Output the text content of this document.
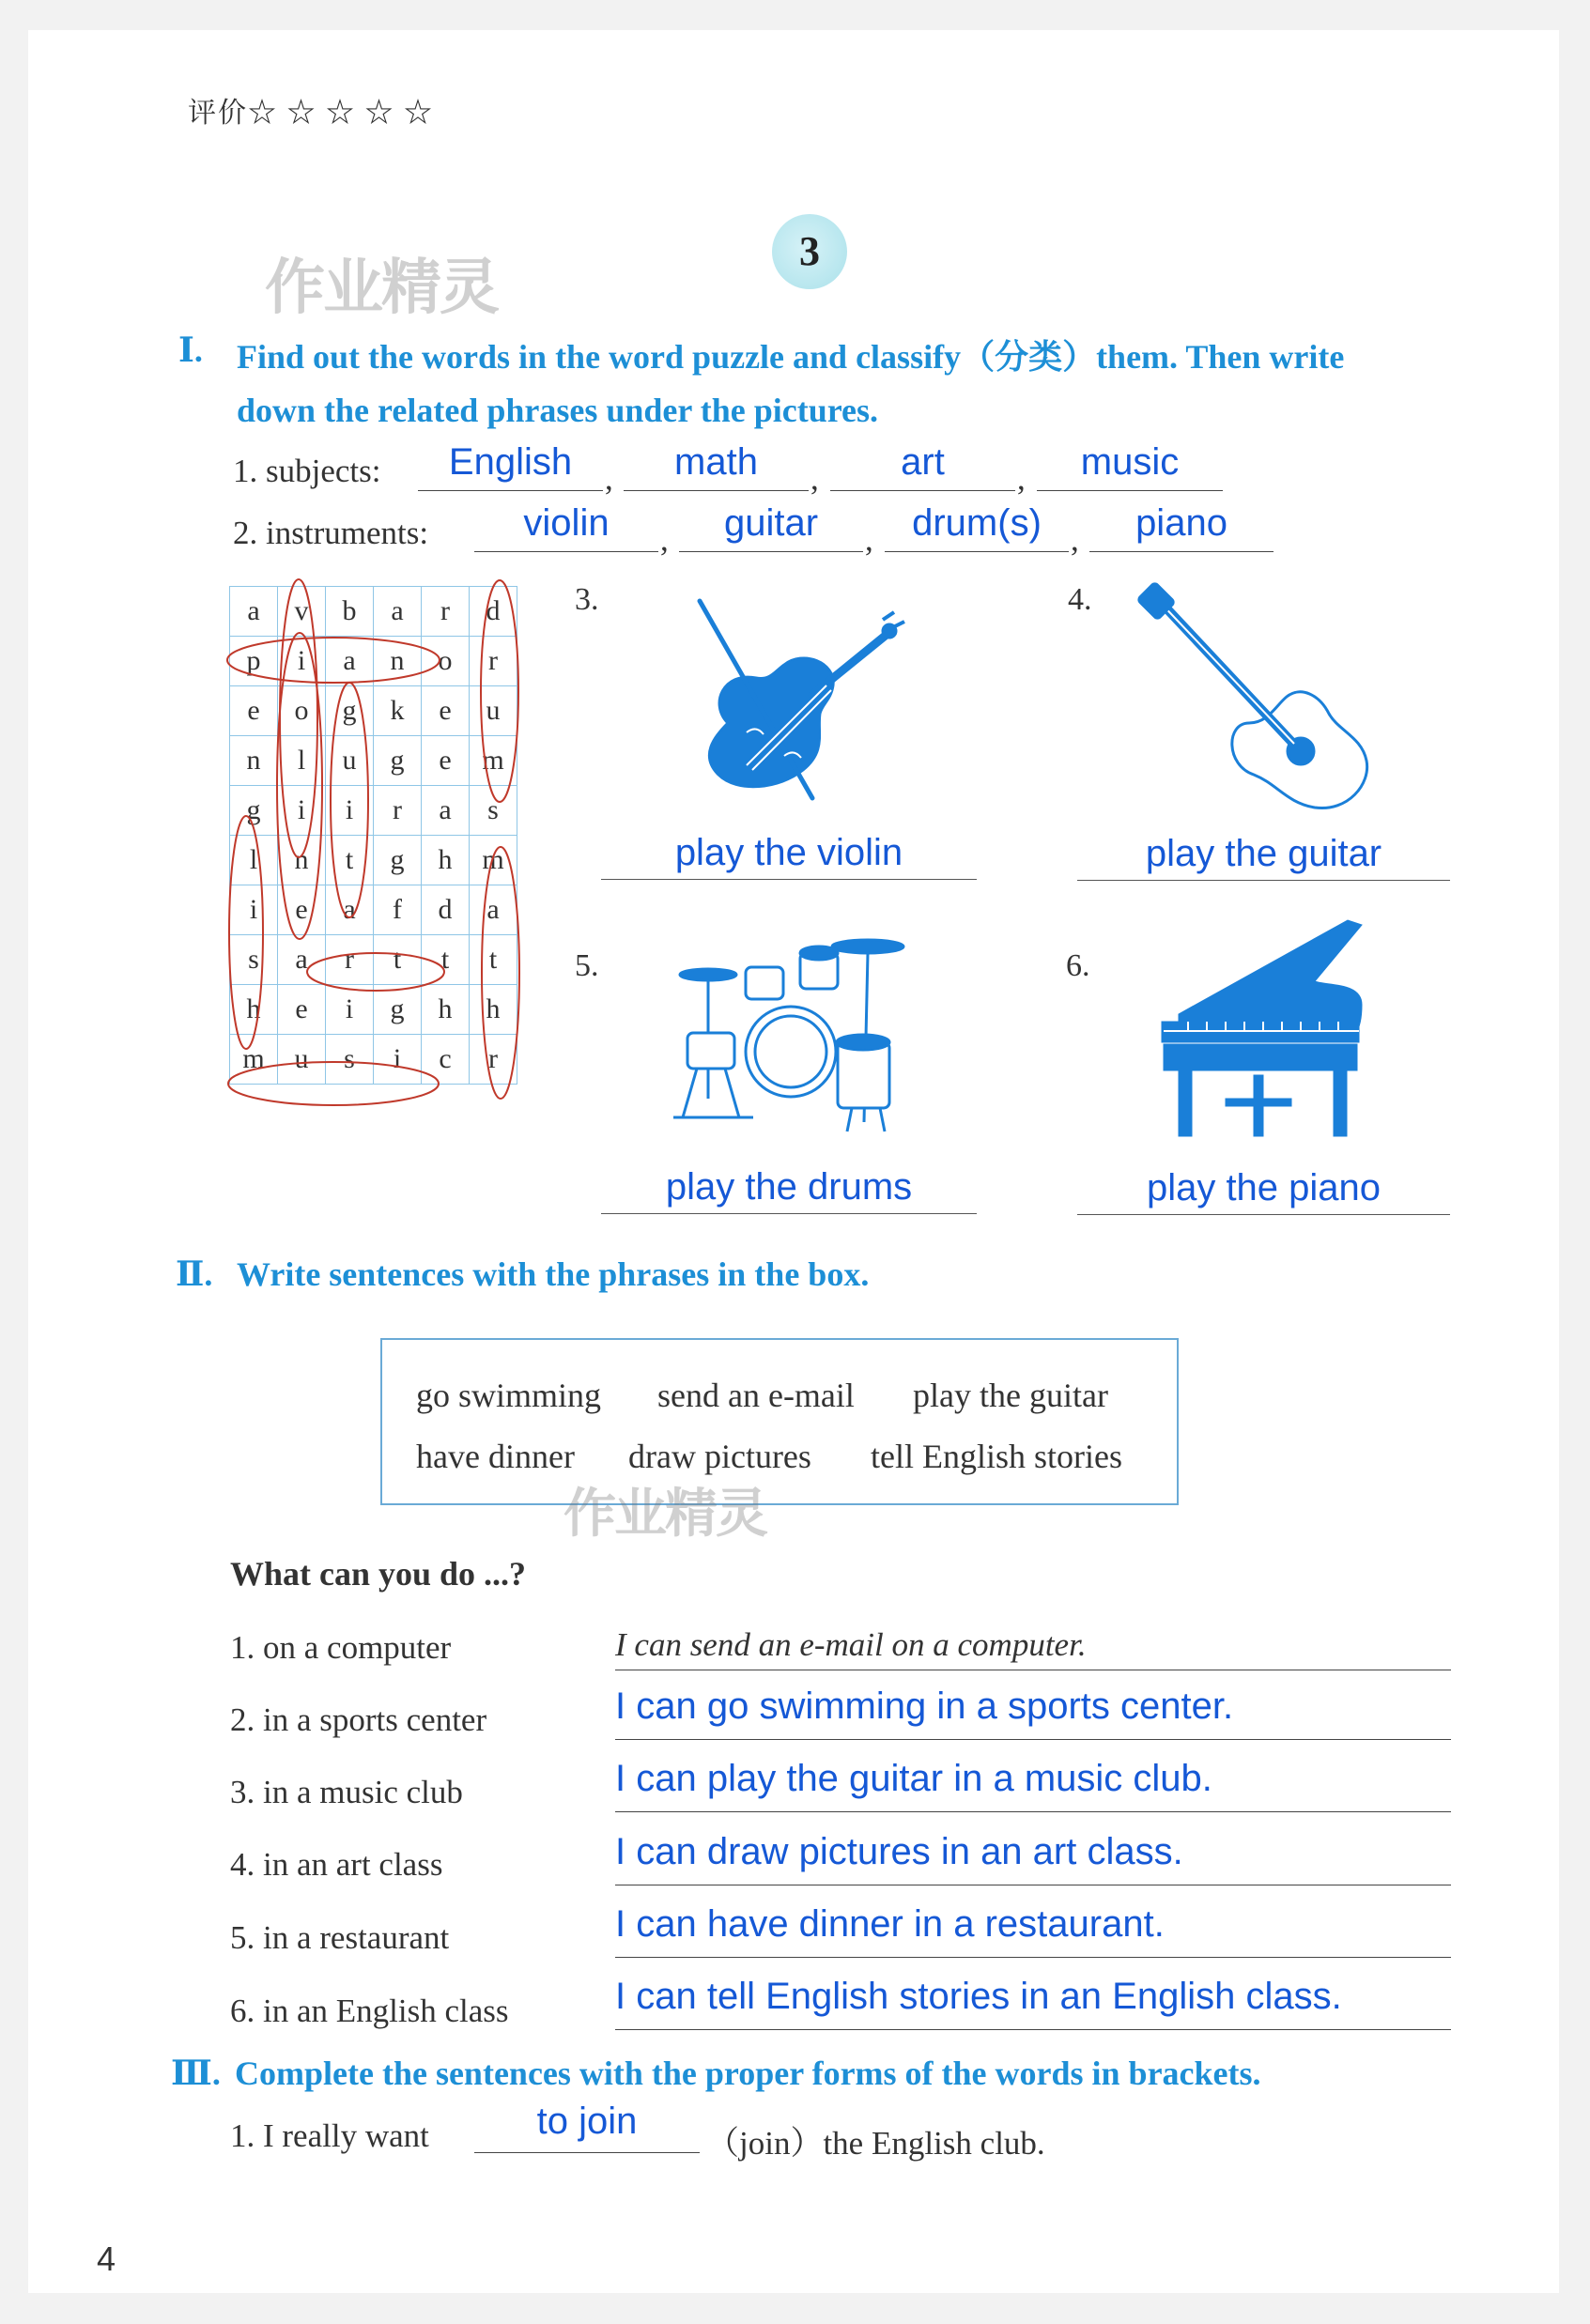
评价☆ ☆ ☆ ☆ ☆
作业精灵
3
Ⅰ. Find out the words in the word puzzle and classify（分类）them. Then write
down the related phrases under the pictures.
1. subjects:	English ,	math	,	art	,	music
2. instruments:	violin	,	guitar	,	drum(s) ,	piano
a	v	b	a	r	d
p	i	a	n	o	r
e	o	g	k	e	u
n	l	u	g	e	m
g	i	i	r	a	s
l	n	t	g	h	m
i	e	a	f	d	a
s	a	r	t	t	t
h	e	i	g	h	h
m	u	s	i	c	r
3.
play the violin
4.
play the guitar
5.
play the drums
6.
play the piano
Ⅱ. Write sentences with the phrases in the box.
go swimming send an e-mail play the guitar
have dinner draw pictures tell English stories
作业精灵
What can you do ...?
1. on a computer	I can send an e-mail on a computer.
2. in a sports center	I can go swimming in a sports center.
3. in a music club	I can play the guitar in a music club.
4. in an art class	I can draw pictures in an art class.
5. in a restaurant	I can have dinner in a restaurant.
6. in an English class	I can tell English stories in an English class.
Ⅲ. Complete the sentences with the proper forms of the words in brackets.
1. I really want	to join
（join）the English club.
4
